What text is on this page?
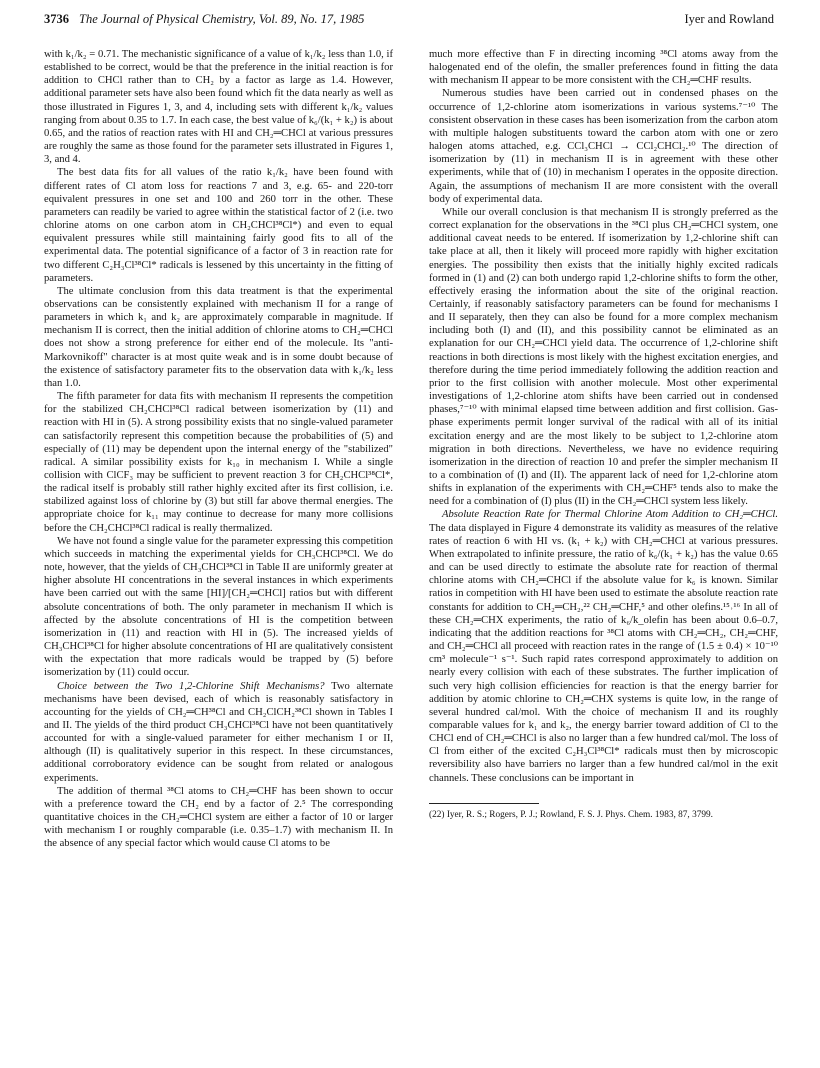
3736 The Journal of Physical Chemistry, Vol. 89, No. 17, 1985	Iyer and Rowland

with k₁/k₂ = 0.71. The mechanistic significance of a value of k₁/k₂ less than 1.0, if established to be correct, would be that the preference in the initial reaction is for addition to CHCl rather than to CH₂ by a factor as large as 1.4. However, additional parameter sets have also been found which fit the data nearly as well as those illustrated in Figures 1, 3, and 4, including sets with different k₁/k₂ values ranging from about 0.35 to 1.7. In each case, the best value of k₆/(k₁ + k₂) is about 0.65, and the ratios of reaction rates with HI and CH₂═CHCl at various pressures are roughly the same as those found for the parameter sets illustrated in Figures 1, 3, and 4.

The best data fits for all values of the ratio k₁/k₂ have been found with different rates of Cl atom loss for reactions 7 and 3, e.g. 65- and 220-torr equivalent pressures in one set and 100 and 260 torr in the other. These parameters can readily be varied to agree within the statistical factor of 2 (i.e. two chlorine atoms on one carbon atom in CH₂CHCl³⁸Cl*) and even to equal equivalent pressures while still maintaining fairly good fits to all of the experimental data. The potential significance of a factor of 3 in reaction rate for two different C₂H₃Cl³⁸Cl* radicals is lessened by this uncertainty in the fitting of parameters.

The ultimate conclusion from this data treatment is that the experimental observations can be consistently explained with mechanism II for a range of parameters in which k₁ and k₂ are approximately comparable in magnitude. If mechanism II is correct, then the initial addition of chlorine atoms to CH₂═CHCl does not show a strong preference for either end of the molecule. Its "anti-Markovnikoff" character is at most quite weak and is in some doubt because of the existence of satisfactory parameter fits to the observation data with k₁/k₂ less than 1.0.

The fifth parameter for data fits with mechanism II represents the competition for the stabilized CH₂CHCl³⁸Cl radical between isomerization by (11) and reaction with HI in (5). A strong possibility exists that no single-valued parameter can satisfactorily represent this competition because the probabilities of (5) and especially of (11) may be dependent upon the internal energy of the "stabilized" radical. A similar possibility exists for k₁₀ in mechanism I. While a single collision with ClCF₃ may be sufficient to prevent reaction 3 for CH₂CHCl³⁸Cl*, the radical itself is probably still rather highly excited after its first collision, i.e. stabilized against loss of chlorine by (3) but still far above thermal energies. The appropriate choice for k₁₁ may continue to decrease for many more collisions before the CH₂CHCl³⁸Cl radical is really thermalized.

We have not found a single value for the parameter expressing this competition which succeeds in matching the experimental yields for CH₃CHCl³⁸Cl. We do note, however, that the yields of CH₃CHCl³⁸Cl in Table II are uniformly greater at higher absolute HI concentrations in the several instances in which experiments have been carried out with the same [HI]/[CH₂═CHCl] ratios but with different absolute concentrations of both. The only parameter in mechanism II which is affected by the absolute concentrations of HI is the competition between isomerization in (11) and reaction with HI in (5). The increased yields of CH₃CHCl³⁸Cl for higher absolute concentrations of HI are qualitatively consistent with the expectation that more radicals would be trapped by (5) before isomerization by (11) could occur.

Choice between the Two 1,2-Chlorine Shift Mechanisms? Two alternate mechanisms have been devised, each of which is reasonably satisfactory in accounting for the yields of CH₂═CH³⁸Cl and CH₂ClCH₂³⁸Cl shown in Tables I and II. The yields of the third product CH₃CHCl³⁸Cl have not been quantitatively accounted for with a single-valued parameter for either mechanism I or II, although (II) is qualitatively superior in this respect. In these circumstances, additional corroboratory evidence can be sought from related or analogous experiments.

The addition of thermal ³⁸Cl atoms to CH₂═CHF has been shown to occur with a preference toward the CH₂ end by a factor of 2.⁵ The corresponding quantitative choices in the CH₂═CHCl system are either a factor of 10 or larger with mechanism I or roughly comparable (i.e. 0.35–1.7) with mechanism II. In the absence of any special factor which would cause Cl atoms to be

much more effective than F in directing incoming ³⁸Cl atoms away from the halogenated end of the olefin, the smaller preferences found in fitting the data with mechanism II appear to be more consistent with the CH₂═CHF results.

Numerous studies have been carried out in condensed phases on the occurrence of 1,2-chlorine atom isomerizations in various systems.⁷⁻¹⁰ The consistent observation in these cases has been isomerization from the carbon atom with multiple halogen substituents toward the carbon atom with one or zero halogen atoms attached, e.g. CCl₃CHCl → CCl₂CHCl₂.¹⁰ The direction of isomerization by (11) in mechanism II is in agreement with these other experiments, while that of (10) in mechanism I operates in the opposite direction. Again, the assumptions of mechanism II are more consistent with the overall body of experimental data.

While our overall conclusion is that mechanism II is strongly preferred as the correct explanation for the observations in the ³⁸Cl plus CH₂═CHCl system, one additional caveat needs to be entered. If isomerization by 1,2-chlorine shift can take place at all, then it likely will proceed more rapidly with higher excitation energies. The possibility then exists that the initially highly excited radicals formed in (1) and (2) can both undergo rapid 1,2-chlorine shifts to form the other, effectively erasing the information about the site of the original reaction. Certainly, if reasonably satisfactory parameters can be found for mechanisms I and II separately, then they can also be found for a more complex mechanism including both (I) and (II), and this possibility cannot be eliminated as an explanation for our CH₂═CHCl yield data. The occurrence of 1,2-chlorine shift reactions in both directions is most likely with the highest excitation energies, and therefore during the time period immediately following the addition reaction and prior to the first collision with another molecule. Most other experimental investigations of 1,2-chlorine atom shifts have been carried out in condensed phases,⁷⁻¹⁰ with minimal elapsed time between addition and first collision. Gas-phase experiments permit longer survival of the radical with all of its initial excitation energy and are the most likely to be subject to 1,2-chlorine atom migration in both directions. Nevertheless, we have no evidence requiring isomerization in the direction of reaction 10 and prefer the simpler mechanism II to a combination of (I) and (II). The apparent lack of need for 1,2-chlorine atom shifts in explanation of the experiments with CH₂═CHF⁵ tends also to make the need for a combination of (I) plus (II) in the CH₂═CHCl system less likely.

Absolute Reaction Rate for Thermal Chlorine Atom Addition to CH₂═CHCl. The data displayed in Figure 4 demonstrate its validity as measures of the relative rates of reaction 6 with HI vs. (k₁ + k₂) with CH₂═CHCl at various pressures. When extrapolated to infinite pressure, the ratio of k₆/(k₁ + k₂) has the value 0.65 and can be used directly to estimate the absolute rate for reaction of thermal chlorine atoms with CH₂═CHCl if the absolute value for k₆ is known. Similar ratios in competition with HI have been used to estimate the absolute reaction rate constants for addition to CH₂═CH₂,²² CH₂═CHF,⁵ and other olefins.¹⁵˒¹⁶ In all of these CH₂═CHX experiments, the ratio of k₆/k_olefin has been about 0.6–0.7, indicating that the addition reactions for ³⁸Cl atoms with CH₂═CH₂, CH₂═CHF, and CH₂═CHCl all proceed with reaction rates in the range of (1.5 ± 0.4) × 10⁻¹⁰ cm³ molecule⁻¹ s⁻¹. Such rapid rates correspond approximately to addition on nearly every collision with each of these substrates. The further implication of such very high collision efficiencies for reaction is that the energy barrier for addition by atomic chlorine to CH₂═CHX systems is quite low, in the range of several hundred cal/mol. With the choice of mechanism II and its roughly comparable values for k₁ and k₂, the energy barrier toward addition of Cl to the CHCl end of CH₂═CHCl is also no larger than a few hundred cal/mol. The loss of Cl from either of the excited C₂H₃Cl³⁸Cl* radicals must then by microscopic reversibility also have barriers no larger than a few hundred cal/mol in the exit channels. These conclusions can be important in

(22) Iyer, R. S.; Rogers, P. J.; Rowland, F. S. J. Phys. Chem. 1983, 87, 3799.
